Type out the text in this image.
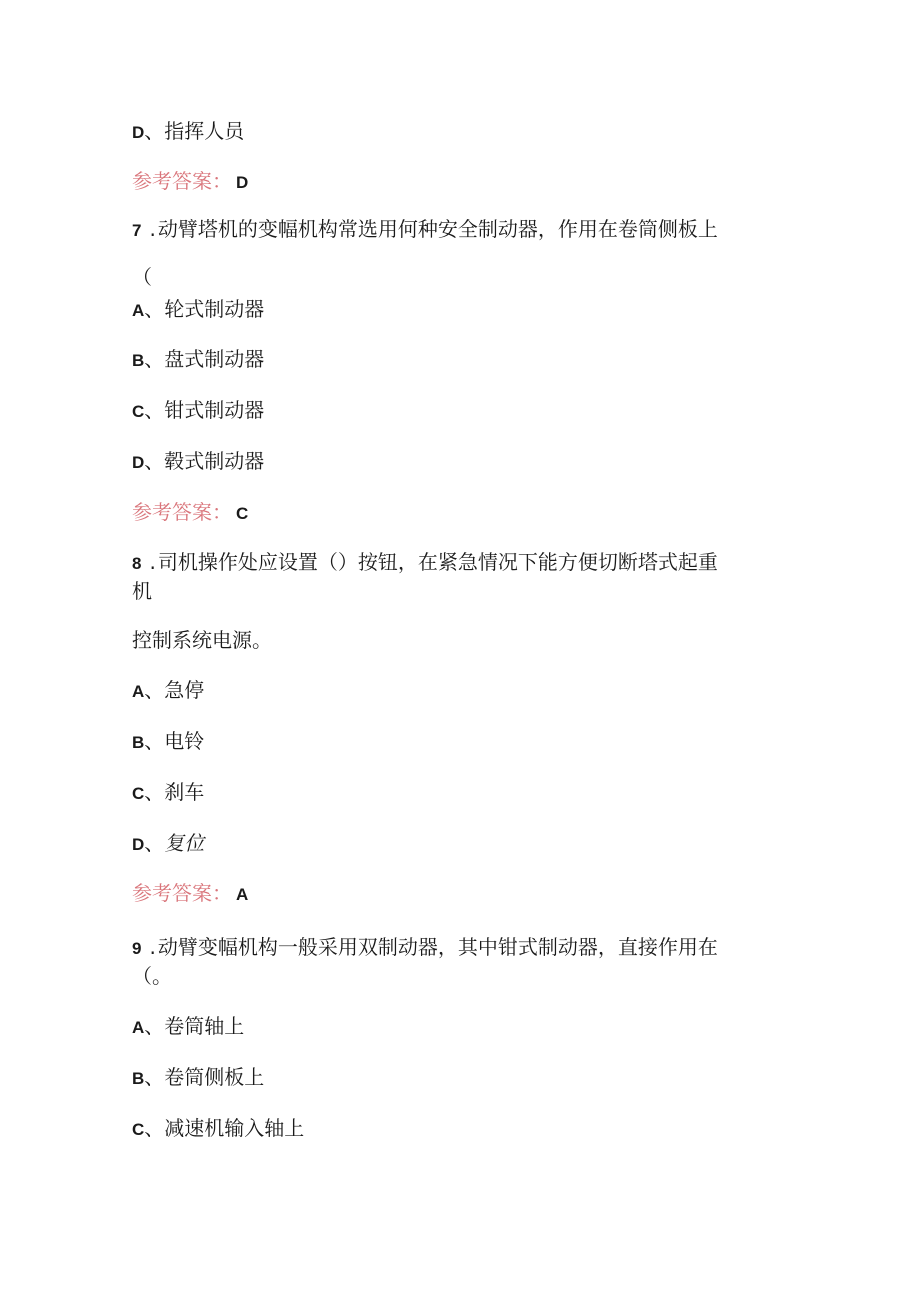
D、指挥人员
参考答案： D
7 . 动臂塔机的变幅机构常选用何种安全制动器，作用在卷筒侧板上
（
A、轮式制动器
B、盘式制动器
C、钳式制动器
D、毂式制动器
参考答案： C
8 . 司机操作处应设置（）按钮，在紧急情况下能方便切断塔式起重
机
控制系统电源。
A、急停
B、电铃
C、刹车
D、复位
参考答案： A
9 . 动臂变幅机构一般采用双制动器，其中钳式制动器，直接作用在
（。
A、卷筒轴上
B、卷筒侧板上
C、减速机输入轴上
